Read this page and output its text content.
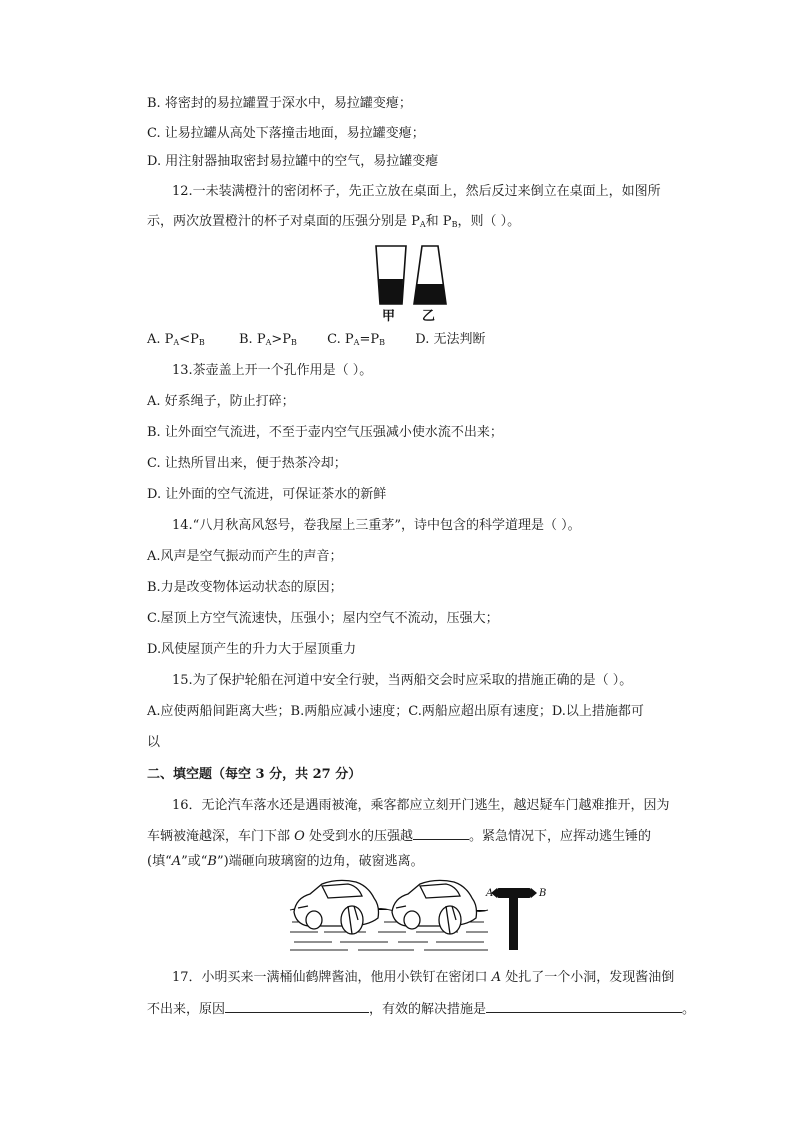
B. 将密封的易拉罐置于深水中，易拉罐变瘪；
C. 让易拉罐从高处下落撞击地面，易拉罐变瘪；
D. 用注射器抽取密封易拉罐中的空气，易拉罐变瘪
12.一未装满橙汁的密闭杯子，先正立放在桌面上，然后反过来倒立在桌面上，如图所
示，两次放置橙汁的杯子对桌面的压强分别是 $P_A$和 $P_B$，则（ ）。
甲 乙
A. $P_A<P_B$	B. $P_A>P_B$ C. $P_A=P_B$ D. 无法判断
13.茶壶盖上开一个孔作用是（ ）。
A. 好系绳子，防止打碎；
B. 让外面空气流进，不至于壶内空气压强减小使水流不出来；
C. 让热所冒出来，便于热茶冷却；
D. 让外面的空气流进，可保证茶水的新鲜
14.“八月秋高风怒号，卷我屋上三重茅”，诗中包含的科学道理是（ ）。
A.风声是空气振动而产生的声音；
B.力是改变物体运动状态的原因；
C.屋顶上方空气流速快，压强小；屋内空气不流动，压强大；
D.风使屋顶产生的升力大于屋顶重力
15.为了保护轮船在河道中安全行驶，当两船交会时应采取的措施正确的是（ ）。
A.应使两船间距离大些；B.两船应减小速度；C.两船应超出原有速度；D.以上措施都可
以
二、填空题（每空 3 分，共 27 分）
16．无论汽车落水还是遇雨被淹，乘客都应立刻开门逃生，越迟疑车门越难推开，因为
车辆被淹越深，车门下部 O 处受到水的压强越	。紧急情况下，应挥动逃生锤的
(填“A”或“B”)端砸向玻璃窗的边角，破窗逃离。
A	B
17．小明买来一满桶仙鹤牌酱油，他用小铁钉在密闭口 A 处扎了一个小洞，发现酱油倒
不出来，原因	，有效的解决措施是	。
